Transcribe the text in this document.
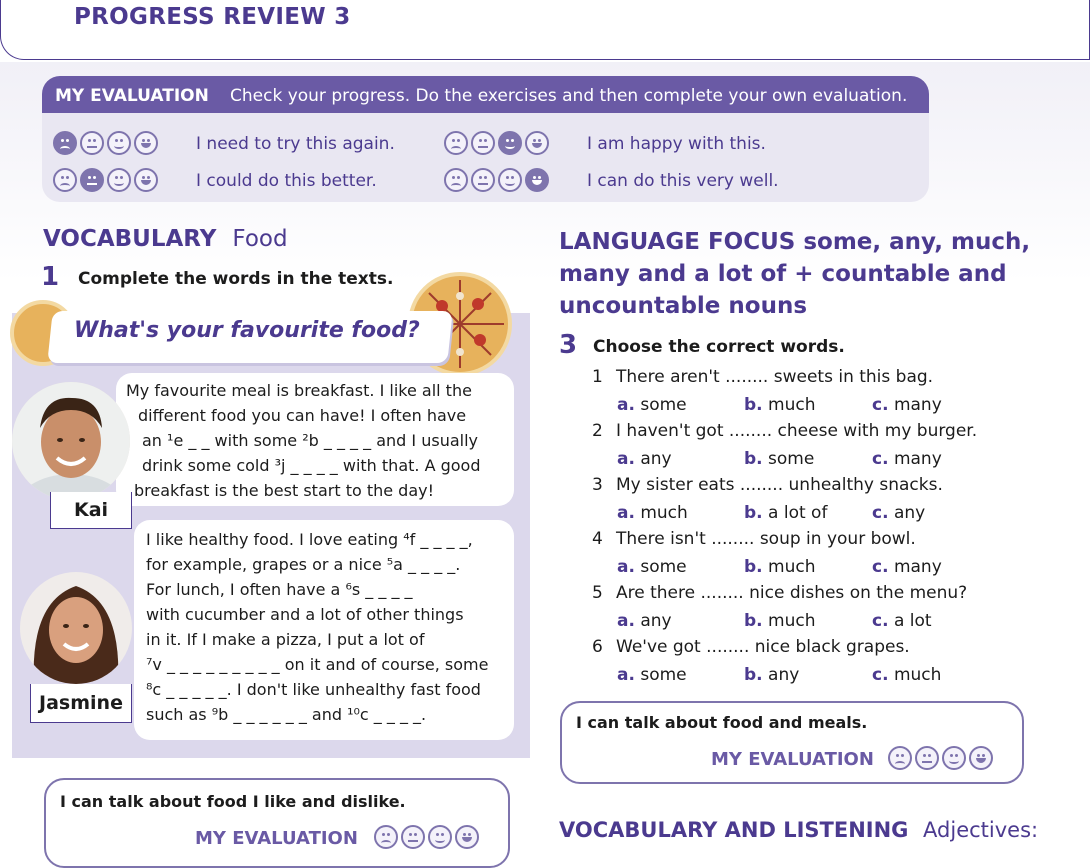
PROGRESS REVIEW 3
MY EVALUATION Check your progress. Do the exercises and then complete your own evaluation.
I need to try this again.
I could do this better.
I am happy with this.
I can do this very well.
VOCABULARY Food
1 Complete the words in the texts.
What's your favourite food?
Kai
My favourite meal is breakfast. I like all the
different food you can have! I often have
an ¹e _ _ with some ²b _ _ _ _ and I usually
drink some cold ³j _ _ _ _ with that. A good
breakfast is the best start to the day!
Jasmine
I like healthy food. I love eating ⁴f _ _ _ _,
for example, grapes or a nice ⁵a _ _ _ _.
For lunch, I often have a ⁶s _ _ _ _
with cucumber and a lot of other things
in it. If I make a pizza, I put a lot of
⁷v _ _ _ _ _ _ _ _ _ on it and of course, some
⁸c _ _ _ _ _. I don't like unhealthy fast food
such as ⁹b _ _ _ _ _ _ and ¹⁰c _ _ _ _.
I can talk about food I like and dislike.
MY EVALUATION
LANGUAGE FOCUS some, any, much,
many and a lot of + countable and
uncountable nouns
3 Choose the correct words.
1 There aren't ........ sweets in this bag.
a. some	b. much	c. many
2 I haven't got ........ cheese with my burger.
a. any	b. some	c. many
3 My sister eats ........ unhealthy snacks.
a. much	b. a lot of	c. any
4 There isn't ........ soup in your bowl.
a. some	b. much	c. many
5 Are there ........ nice dishes on the menu?
a. any	b. much	c. a lot
6 We've got ........ nice black grapes.
a. some	b. any	c. much
I can talk about food and meals.
MY EVALUATION
VOCABULARY AND LISTENING Adjectives:
